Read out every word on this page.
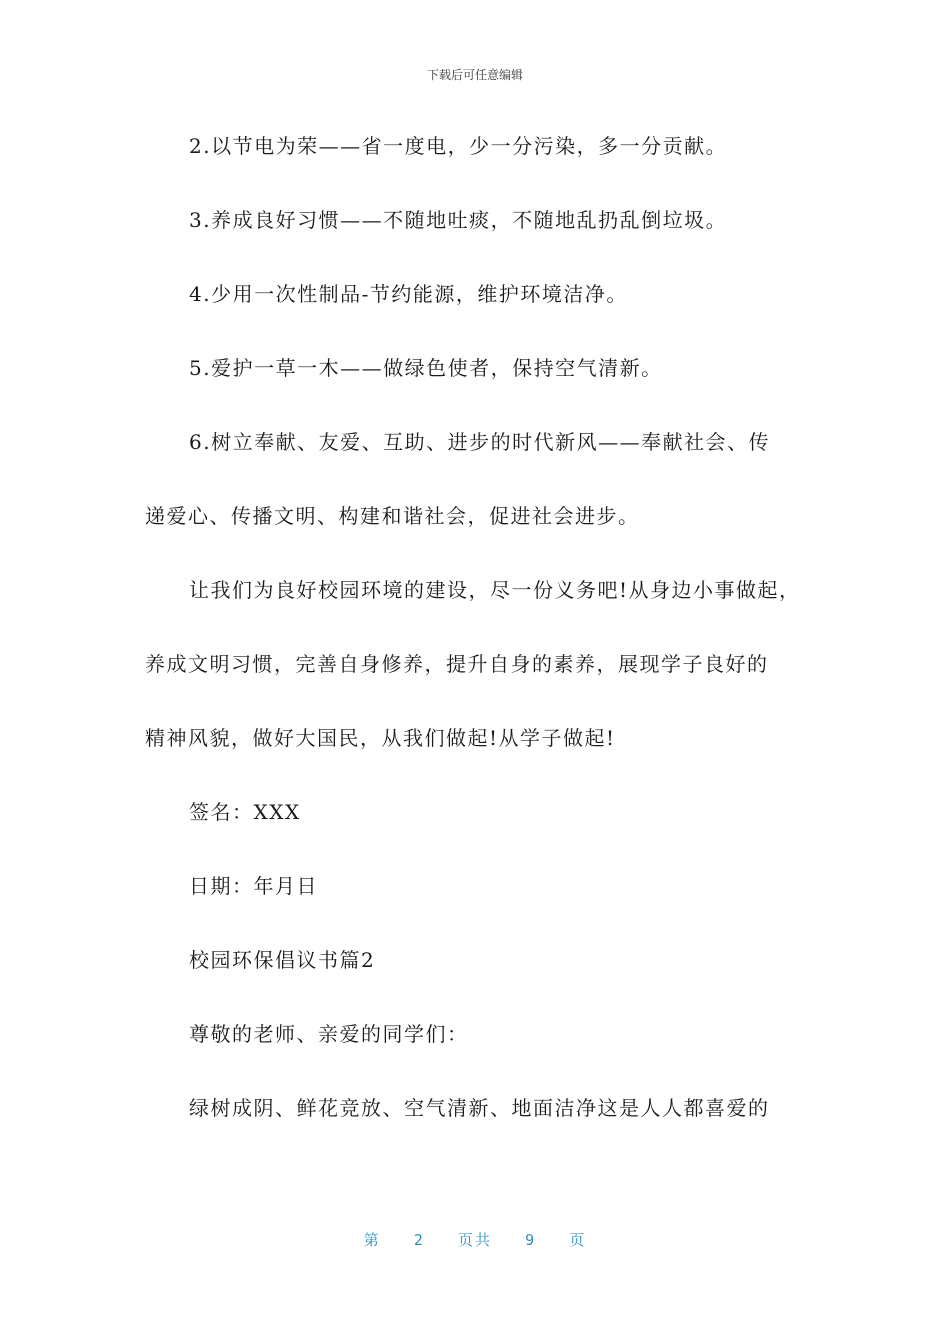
下载后可任意编辑

2.以节电为荣——省一度电，少一分污染，多一分贡献。

3.养成良好习惯——不随地吐痰，不随地乱扔乱倒垃圾。

4.少用一次性制品-节约能源，维护环境洁净。

5.爱护一草一木——做绿色使者，保持空气清新。

6.树立奉献、友爱、互助、进步的时代新风——奉献社会、传

递爱心、传播文明、构建和谐社会，促进社会进步。

让我们为良好校园环境的建设，尽一份义务吧!从身边小事做起，

养成文明习惯，完善自身修养，提升自身的素养，展现学子良好的

精神风貌，做好大国民，从我们做起!从学子做起!

签名：XXX

日期：年月日

校园环保倡议书篇2

尊敬的老师、亲爱的同学们：

绿树成阴、鲜花竞放、空气清新、地面洁净这是人人都喜爱的

第 2 页共 9 页
